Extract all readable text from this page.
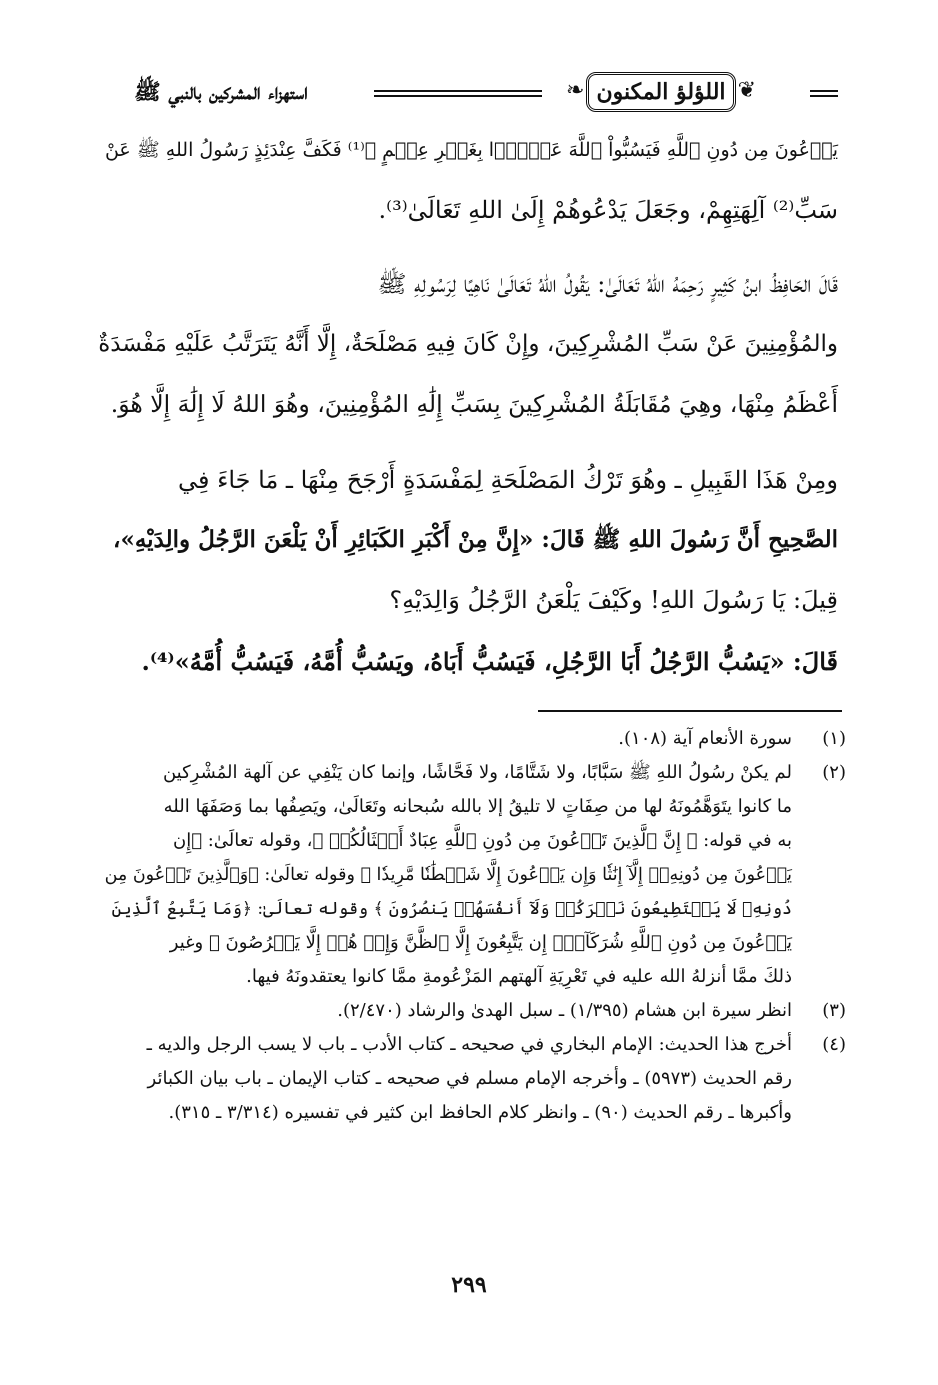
❦
❧ اللؤلؤ المكنون
استهزاء المشركين بالنبي ﷺ
يَدۡعُونَ مِن دُونِ ٱللَّهِ فَيَسُبُّواْ ٱللَّهَ عَدۡوَۢا بِغَيۡرِ عِلۡمٍ ﴾⁽¹⁾ فَكَفَّ عِنْدَئِذٍ رَسُولُ اللهِ ﷺ عَنْ
سَبِّ⁽²⁾ آلِهَتِهِمْ، وجَعَلَ يَدْعُوهُمْ إِلَىٰ اللهِ تَعَالَىٰ⁽³⁾.
قَالَ الحَافِظُ ابنُ كَثِيرٍ رَحِمَهُ اللهُ تَعَالَىٰ: يَقُولُ اللهُ تَعَالَىٰ نَاهِيًا لِرَسُولِهِ ﷺ
والمُؤْمِنِينَ عَنْ سَبِّ المُشْرِكِينَ، وإِنْ كَانَ فِيهِ مَصْلَحَةٌ، إِلَّا أَنَّهُ يَتَرَتَّبُ عَلَيْهِ مَفْسَدَةٌ
أَعْظَمُ مِنْهَا، وهِيَ مُقَابَلَةُ المُشْرِكِينَ بِسَبِّ إِلَٰهِ المُؤْمِنِينَ، وهُوَ اللهُ لَا إِلَٰهَ إِلَّا هُوَ.
ومِنْ هَذَا القَبِيلِ ـ وهُوَ تَرْكُ المَصْلَحَةِ لِمَفْسَدَةٍ أَرْجَحَ مِنْهَا ـ مَا جَاءَ فِي
الصَّحِيحِ أَنَّ رَسُولَ اللهِ ﷺ قَالَ: «إِنَّ مِنْ أَكْبَرِ الكَبَائِرِ أَنْ يَلْعَنَ الرَّجُلُ والِدَيْهِ»،
قِيلَ: يَا رَسُولَ اللهِ! وكَيْفَ يَلْعَنُ الرَّجُلُ وَالِدَيْهِ؟
قَالَ: «يَسُبُّ الرَّجُلُ أَبَا الرَّجُلِ، فَيَسُبُّ أَبَاهُ، ويَسُبُّ أُمَّهُ، فَيَسُبُّ أُمَّهُ»⁽⁴⁾.
(١)
سورة الأنعام آية (١٠٨).
(٢)
لم يكنْ رسُولُ اللهِ ﷺ سَبَّابًا، ولا شَتَّامًا، ولا فَحَّاشًا، وإنما كان يَنْفِي عن آلهة المُشْرِكين
ما كانوا يتَوَهَّمُونَهُ لها من صِفَاتٍ لا تليقُ إلا بالله سُبحانه وتَعَالَىٰ، ويَصِفُها بما وَصَفَهَا الله
به في قوله: ﴿ إِنَّ ٱلَّذِينَ تَدۡعُونَ مِن دُونِ ٱللَّهِ عِبَادٌ أَمۡثَالُكُمۡ ﴾، وقوله تعالَىٰ: ﴿إِن
يَدۡعُونَ مِن دُونِهِۦٓ إِلَّآ إِنَٰثٗا وَإِن يَدۡعُونَ إِلَّا شَيۡطَٰنٗا مَّرِيدٗا ﴾ وقوله تعالَىٰ: ﴿وَٱلَّذِينَ تَدۡعُونَ مِن
دُونِهِۦ لَا يَسۡتَطِيعُونَ نَصۡرَكُمۡ وَلَآ أَنفُسَهُمۡ يَنصُرُونَ ﴾ وقوله تعالَىٰ: ﴿وَمَا يَتَّبِعُ ٱلَّذِينَ
يَدۡعُونَ مِن دُونِ ٱللَّهِ شُرَكَآءَۚ إِن يَتَّبِعُونَ إِلَّا ٱلظَّنَّ وَإِنۡ هُمۡ إِلَّا يَخۡرُصُونَ ﴾ وغير
ذلكَ ممَّا أنزلهُ الله عليه في تَعْرِيَةِ آلهتهم المَزْعُومةِ ممَّا كانوا يعتقدونَهُ فيها.
(٣)
انظر سيرة ابن هشام (١/٣٩٥) ـ سبل الهدىٰ والرشاد (٢/٤٧٠).
(٤)
أخرج هذا الحديث: الإمام البخاري في صحيحه ـ كتاب الأدب ـ باب لا يسب الرجل والديه ـ
رقم الحديث (٥٩٧٣) ـ وأخرجه الإمام مسلم في صحيحه ـ كتاب الإيمان ـ باب بيان الكبائر
وأكبرها ـ رقم الحديث (٩٠) ـ وانظر كلام الحافظ ابن كثير في تفسيره (٣/٣١٤ ـ ٣١٥).
٢٩٩
